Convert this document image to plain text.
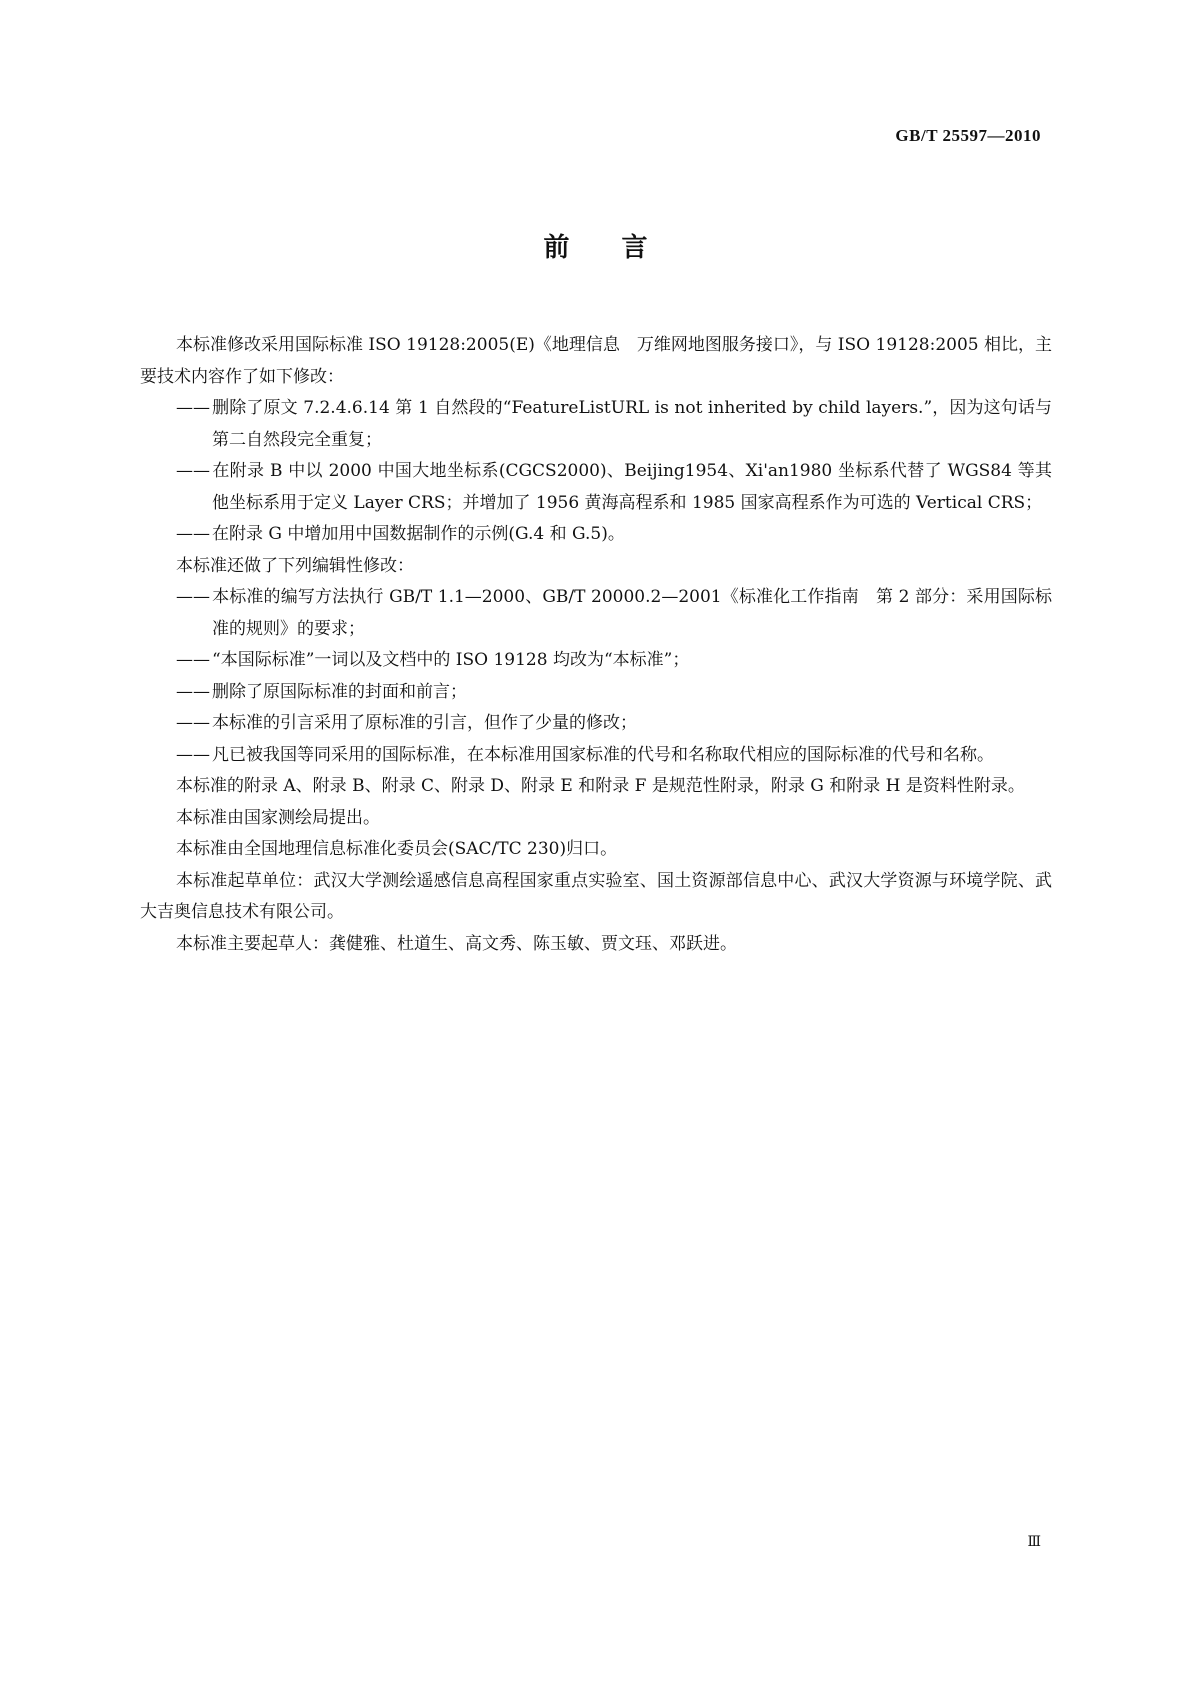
GB/T 25597—2010
前言

本标准修改采用国际标准 ISO 19128:2005(E)《地理信息　万维网地图服务接口》，与 ISO 19128:2005 相比，主要技术内容作了如下修改：

—— 删除了原文 7.2.4.6.14 第 1 自然段的“FeatureListURL is not inherited by child layers.”，因为这句话与第二自然段完全重复；
—— 在附录 B 中以 2000 中国大地坐标系(CGCS2000)、Beijing1954、Xi'an1980 坐标系代替了 WGS84 等其他坐标系用于定义 Layer CRS；并增加了 1956 黄海高程系和 1985 国家高程系作为可选的 Vertical CRS；
—— 在附录 G 中增加用中国数据制作的示例(G.4 和 G.5)。

本标准还做了下列编辑性修改：

—— 本标准的编写方法执行 GB/T 1.1—2000、GB/T 20000.2—2001《标准化工作指南　第 2 部分：采用国际标准的规则》的要求；
—— “本国际标准”一词以及文档中的 ISO 19128 均改为“本标准”；
—— 删除了原国际标准的封面和前言；
—— 本标准的引言采用了原标准的引言，但作了少量的修改；
—— 凡已被我国等同采用的国际标准，在本标准用国家标准的代号和名称取代相应的国际标准的代号和名称。

本标准的附录 A、附录 B、附录 C、附录 D、附录 E 和附录 F 是规范性附录，附录 G 和附录 H 是资料性附录。

本标准由国家测绘局提出。

本标准由全国地理信息标准化委员会(SAC/TC 230)归口。

本标准起草单位：武汉大学测绘遥感信息高程国家重点实验室、国土资源部信息中心、武汉大学资源与环境学院、武大吉奥信息技术有限公司。

本标准主要起草人：龚健雅、杜道生、高文秀、陈玉敏、贾文珏、邓跃进。

Ⅲ
